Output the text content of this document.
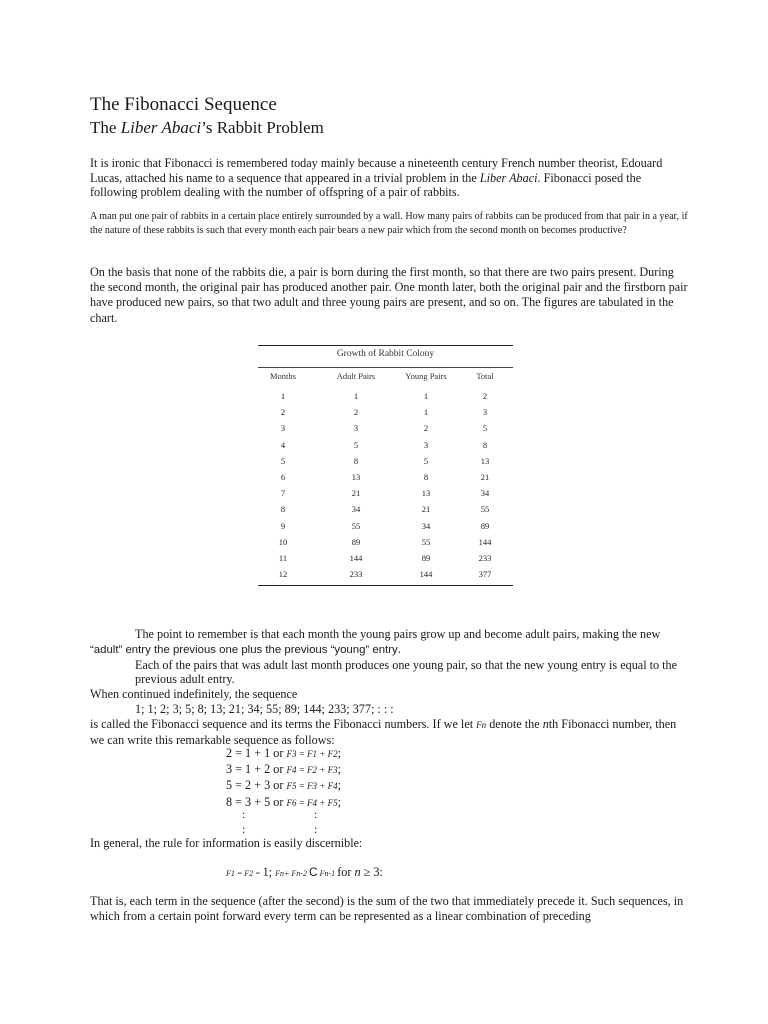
The Fibonacci Sequence
The Liber Abaci’s Rabbit Problem
It is ironic that Fibonacci is remembered today mainly because a nineteenth century French number theorist, Edouard Lucas, attached his name to a sequence that appeared in a trivial problem in the Liber Abaci. Fibonacci posed the following problem dealing with the number of offspring of a pair of rabbits.
A man put one pair of rabbits in a certain place entirely surrounded by a wall. How many pairs of rabbits can be produced from that pair in a year, if the nature of these rabbits is such that every month each pair bears a new pair which from the second month on becomes productive?
On the basis that none of the rabbits die, a pair is born during the first month, so that there are two pairs present. During the second month, the original pair has produced another pair. One month later, both the original pair and the firstborn pair have produced new pairs, so that two adult and three young pairs are present, and so on. The figures are tabulated in the chart.
Growth of Rabbit Colony
Months	Adult Pairs	Young Pairs	Total
1	1	1	2
2	2	1	3
3	3	2	5
4	5	3	8
5	8	5	13
6	13	8	21
7	21	13	34
8	34	21	55
9	55	34	89
10	89	55	144
11	144	89	233
12	233	144	377
The point to remember is that each month the young pairs grow up and become adult pairs, making the new
“adult” entry the previous one plus the previous “young” entry.
Each of the pairs that was adult last month produces one young pair, so that the new young entry is equal to the previous adult entry.
When continued indefinitely, the sequence
1; 1; 2; 3; 5; 8; 13; 21; 34; 55; 89; 144; 233; 377; : : :
is called the Fibonacci sequence and its terms the Fibonacci numbers. If we let Fn denote the nth Fibonacci number, then we can write this remarkable sequence as follows:
2 = 1 + 1 or F3 = F1 + F2;
3 = 1 + 2 or F4 = F2 + F3;
5 = 2 + 3 or F5 = F3 + F4;
8 = 3 + 5 or F6 = F4 + F5;
:	:
:	:
In general, the rule for information is easily discernible:
F1 = F2 = 1; Fn+ Fn-2 C Fn-1 for n ≥ 3:
That is, each term in the sequence (after the second) is the sum of the two that immediately precede it. Such sequences, in which from a certain point forward every term can be represented as a linear combination of preceding
